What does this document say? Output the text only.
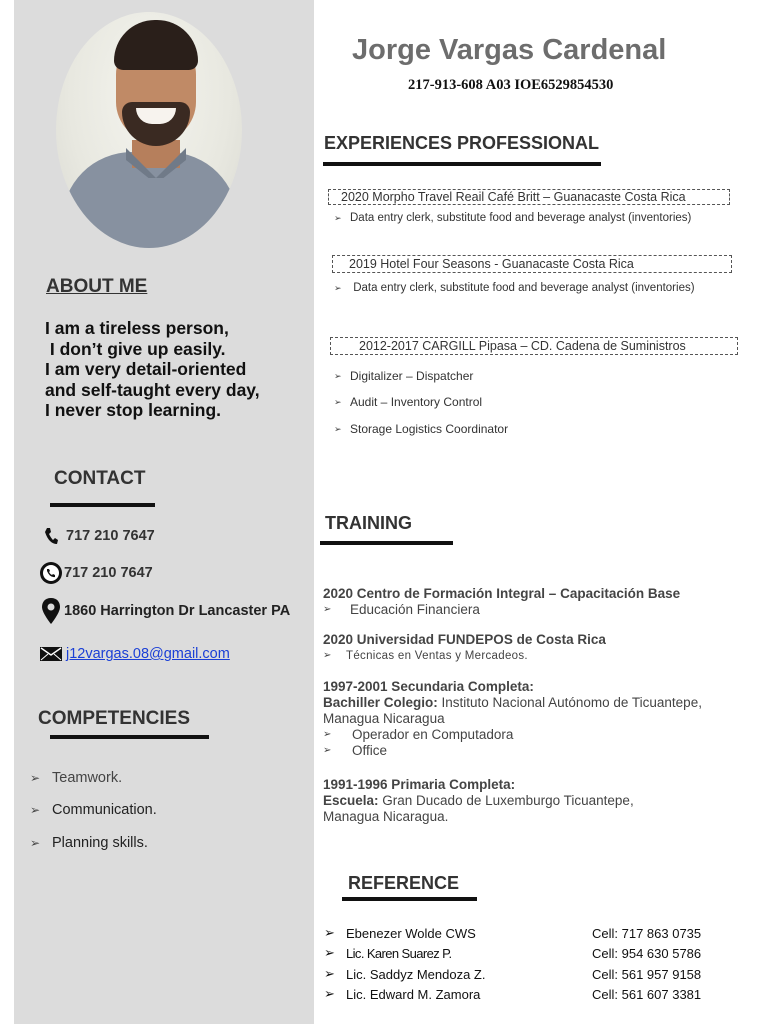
ABOUT ME
I am a tireless person,
I don’t give up easily.
I am very detail-oriented
and self-taught every day,
I never stop learning.
CONTACT
717 210 7647
717 210 7647
1860 Harrington Dr Lancaster PA
j12vargas.08@gmail.com
COMPETENCIES
➢ Teamwork.
➢ Communication.
➢ Planning skills.
Jorge Vargas Cardenal
217-913-608 A03 IOE6529854530
EXPERIENCES PROFESSIONAL
2020 Morpho Travel Reail Café Britt – Guanacaste Costa Rica
➢ Data entry clerk, substitute food and beverage analyst (inventories)
2019 Hotel Four Seasons - Guanacaste Costa Rica
➢ Data entry clerk, substitute food and beverage analyst (inventories)
2012-2017 CARGILL Pipasa – CD. Cadena de Suministros
➢ Digitalizer – Dispatcher
➢ Audit – Inventory Control
➢ Storage Logistics Coordinator
TRAINING
2020 Centro de Formación Integral – Capacitación Base
➢	Educación Financiera
2020 Universidad FUNDEPOS de Costa Rica
➢	Técnicas en Ventas y Mercadeos.
1997-2001 Secundaria Completa:
Bachiller Colegio: Instituto Nacional Autónomo de Ticuantepe,
Managua Nicaragua
➢	Operador en Computadora
➢	Office
1991-1996 Primaria Completa:
Escuela: Gran Ducado de Luxemburgo Ticuantepe,
Managua Nicaragua.
REFERENCE
➢ Ebenezer Wolde CWS	Cell: 717 863 0735
➢ Lic. Karen Suarez P.	Cell: 954 630 5786
➢ Lic. Saddyz Mendoza Z.	Cell: 561 957 9158
➢ Lic. Edward M. Zamora	Cell: 561 607 3381
